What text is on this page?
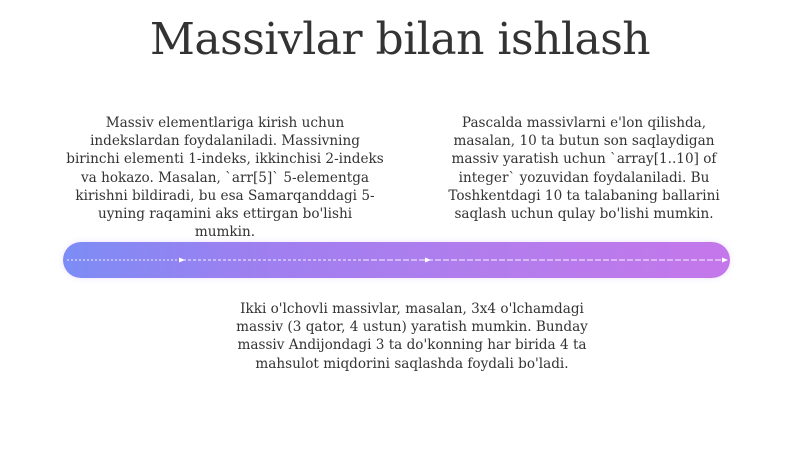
Massivlar bilan ishlash
Massiv elementlariga kirish uchun indekslardan foydalaniladi. Massivning birinchi elementi 1-indeks, ikkinchisi 2-indeks va hokazo. Masalan, `arr[5]` 5-elementga kirishni bildiradi, bu esa Samarqanddagi 5-uyning raqamini aks ettirgan bo'lishi mumkin.
Pascalda massivlarni e'lon qilishda, masalan, 10 ta butun son saqlaydigan massiv yaratish uchun `array[1..10] of integer` yozuvidan foydalaniladi. Bu Toshkentdagi 10 ta talabaning ballarini saqlash uchun qulay bo'lishi mumkin.
Ikki o'lchovli massivlar, masalan, 3x4 o'lchamdagi massiv (3 qator, 4 ustun) yaratish mumkin. Bunday massiv Andijondagi 3 ta do'konning har birida 4 ta mahsulot miqdorini saqlashda foydali bo'ladi.
